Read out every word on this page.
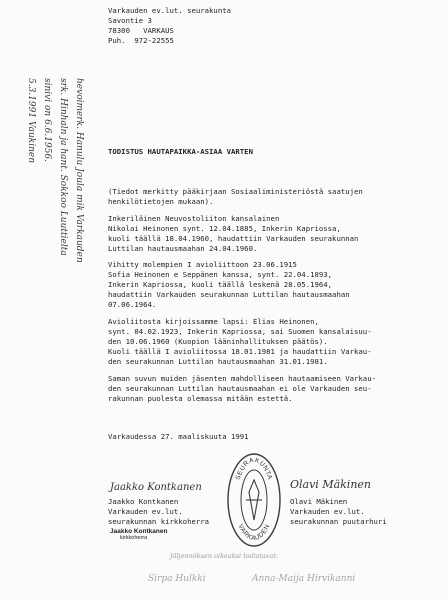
Varkauden ev.lut. seurakunta
Savontie 3
78300   VARKAUS
Puh.  972-22555
hevoimerk. Hanulu Joula mik Varkauden
srk. Hinhaln ja hant. Sokkoo Luuttielta
sinivi on 6.6.1956.
5.3.1991 Vaukinen	TODISTUS HAUTAPAIKKA-ASIAA VARTEN
(Tiedot merkitty pääkirjaan Sosiaaliministeriöstä saatujen
henkilötietojen mukaan).
Inkeriläinen Neuvostoliiton kansalainen
Nikolai Heinonen synt. 12.04.1885, Inkerin Kapriossa,
kuoli täällä 18.04.1960, haudattiin Varkauden seurakunnan
Luttilan hautausmaahan 24.04.1960.
Vihitty molempien I avioliittoon 23.06.1915
Sofia Heinonen e Seppänen kanssa, synt. 22.04.1893,
Inkerin Kapriossa, kuoli täällä leskenä 28.05.1964,
haudattiin Varkauden seurakunnan Luttilan hautausmaahan
07.06.1964.
Avioliitosta kirjoissamme lapsi: Elias Heinonen,
synt. 04.02.1923, Inkerin Kapriossa, sai Suomen kansalaisuu-
den 10.06.1960 (Kuopion lääninhallituksen päätös).
Kuoli täällä I avioliitossa 18.01.1981 ja haudattiin Varkau-
den seurakunnan Luttilan hautausmaahan 31.01.1981.
Saman suvun muiden jäsenten mahdolliseen hautaamiseen Varkau-
den seurakunnan Luttilan hautausmaahan ei ole Varkauden seu-
rakunnan puolesta olemassa mitään estettä.
Varkaudessa 27. maaliskuuta 1991
Jaakko Kontkanen
Jaakko Kontkanen
Varkauden ev.lut.
seurakunnan kirkkoherra
Jaakko Kontkanen
kirkkoherra
SEURAKUNTA
VARKAUDEN
Olavi Mäkinen
Olavi Mäkinen
Varkauden ev.lut.
seurakunnan puutarhuri
Jäljennöksen oikeaksi todistavat:
Sirpa Hulkki	Anna-Maija Hirvikanni
